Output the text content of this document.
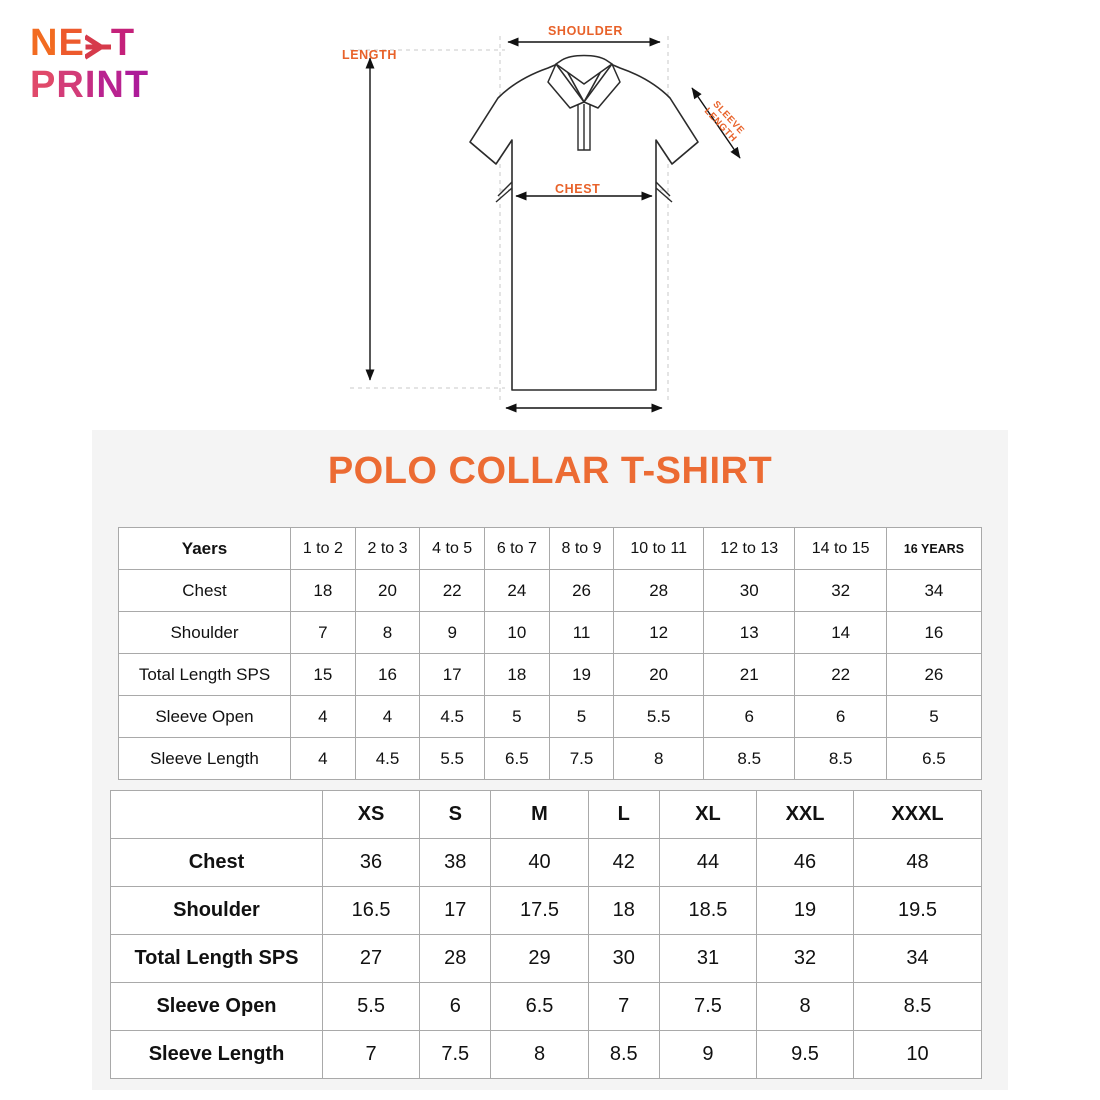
NE T
PRINT
SHOULDER
LENGTH
CHEST
SLEEVE LENGTH
POLO COLLAR T-SHIRT
Yaers	1 to 2	2 to 3	4 to 5	6 to 7	8 to 9	10 to 11	12 to 13	14 to 15	16 YEARS
Chest	18	20	22	24	26	28	30	32	34
Shoulder	7	8	9	10	11	12	13	14	16
Total Length SPS	15	16	17	18	19	20	21	22	26
Sleeve Open	4	4	4.5	5	5	5.5	6	6	5
Sleeve Length	4	4.5	5.5	6.5	7.5	8	8.5	8.5	6.5
	XS	S	M	L	XL	XXL	XXXL
Chest	36	38	40	42	44	46	48
Shoulder	16.5	17	17.5	18	18.5	19	19.5
Total Length SPS	27	28	29	30	31	32	34
Sleeve Open	5.5	6	6.5	7	7.5	8	8.5
Sleeve Length	7	7.5	8	8.5	9	9.5	10
